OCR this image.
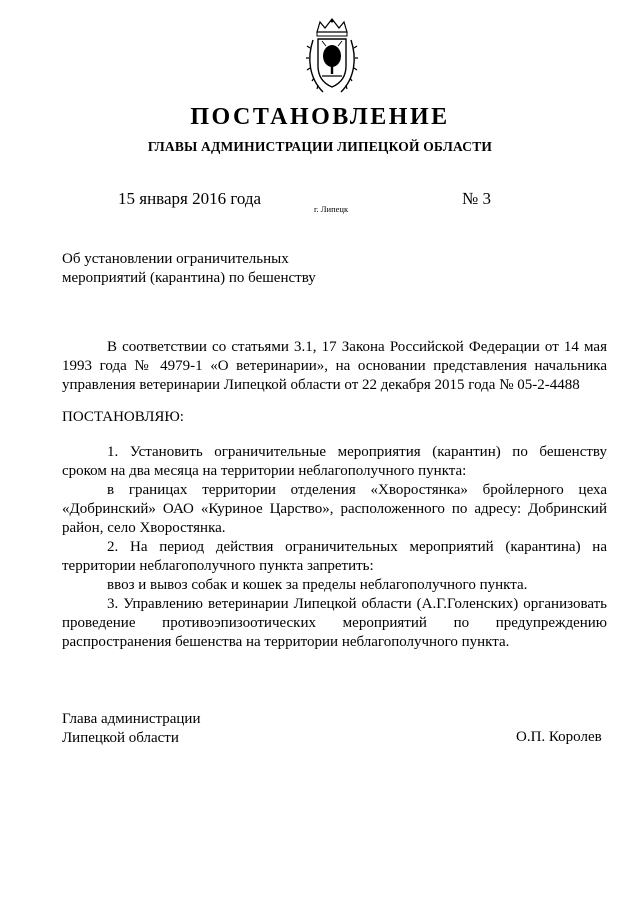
ПОСТАНОВЛЕНИЕ
ГЛАВЫ АДМИНИСТРАЦИИ ЛИПЕЦКОЙ ОБЛАСТИ
15 января 2016 года
г. Липецк
№ 3

Об установлении ограничительных

мероприятий (карантина) по бешенству

В соответствии со статьями 3.1, 17 Закона Российской Федерации от 14 мая 1993 года № 4979-1 «О ветеринарии», на основании представления начальника управления ветеринарии Липецкой области от 22 декабря 2015 года № 05-2-4488
ПОСТАНОВЛЯЮ:

1. Установить ограничительные мероприятия (карантин) по бешенству сроком на два месяца на территории неблагополучного пункта:

в границах территории отделения «Хворостянка» бройлерного цеха «Добринский» ОАО «Куриное Царство», расположенного по адресу: Добринский район, село Хворостянка.

2. На период действия ограничительных мероприятий (карантина) на территории неблагополучного пункта запретить:

ввоз и вывоз собак и кошек за пределы неблагополучного пункта.

3. Управлению ветеринарии Липецкой области (А.Г.Голенских) организовать проведение противоэпизоотических мероприятий по предупреждению распространения бешенства на территории неблагополучного пункта.

Глава администрации

Липецкой области	О.П. Королев
